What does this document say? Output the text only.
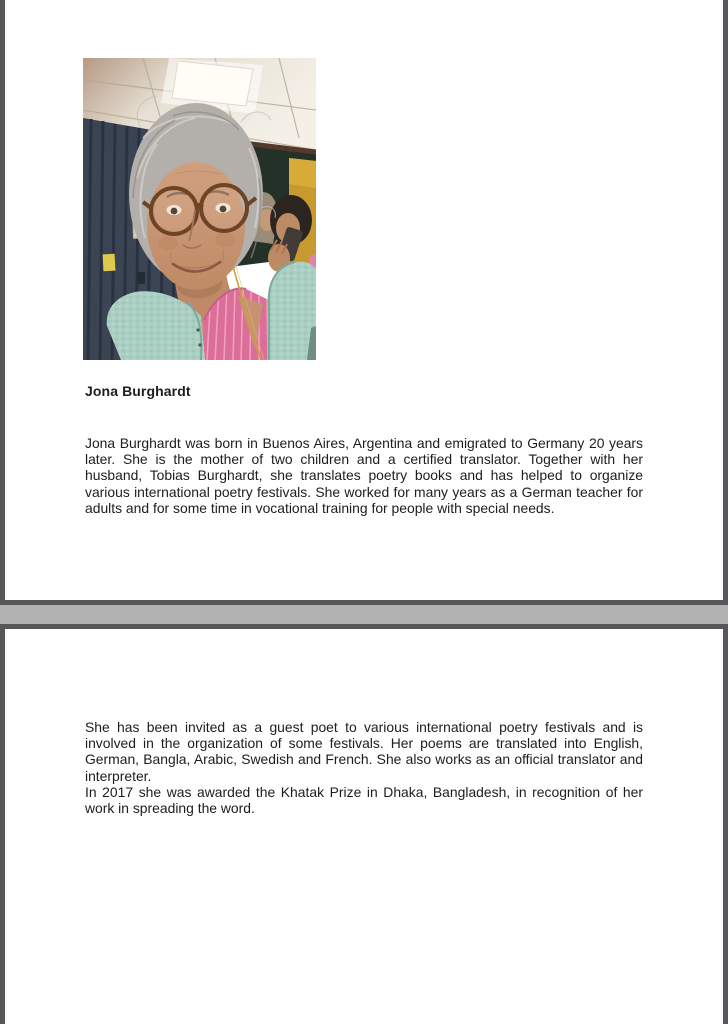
Jona Burghardt

Jona Burghardt was born in Buenos Aires, Argentina and emigrated to Germany 20 years later. She is the mother of two children and a certified translator. Together with her husband, Tobias Burghardt, she translates poetry books and has helped to organize various international poetry festivals. She worked for many years as a German teacher for adults and for some time in vocational training for people with special needs.

She has been invited as a guest poet to various international poetry festivals and is involved in the organization of some festivals. Her poems are translated into English, German, Bangla, Arabic, Swedish and French. She also works as an official translator and interpreter.

In 2017 she was awarded the Khatak Prize in Dhaka, Bangladesh, in recognition of her work in spreading the word.
